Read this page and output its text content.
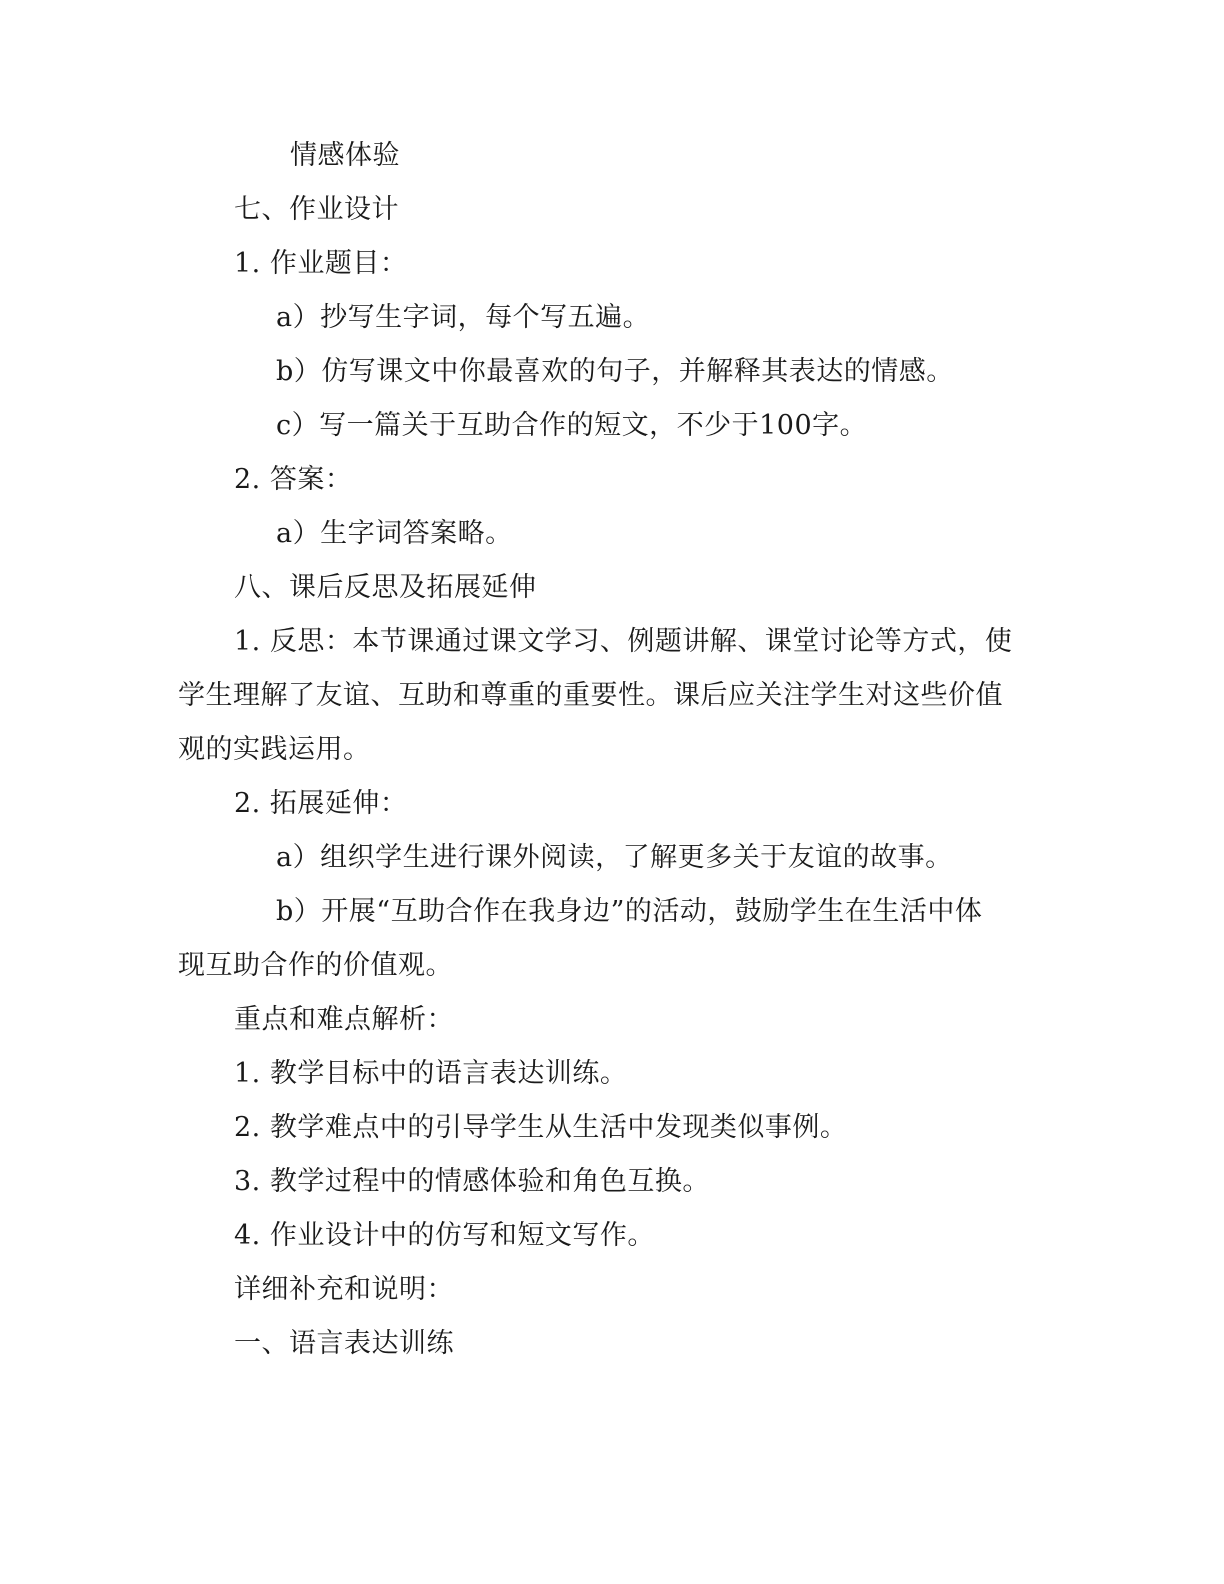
情感体验
七、作业设计
1. 作业题目：
a）抄写生字词，每个写五遍。
b）仿写课文中你最喜欢的句子，并解释其表达的情感。
c）写一篇关于互助合作的短文，不少于100字。
2. 答案：
a）生字词答案略。
八、课后反思及拓展延伸
1. 反思：本节课通过课文学习、例题讲解、课堂讨论等方式，使
学生理解了友谊、互助和尊重的重要性。课后应关注学生对这些价值
观的实践运用。
2. 拓展延伸：
a）组织学生进行课外阅读，了解更多关于友谊的故事。
b）开展“互助合作在我身边”的活动，鼓励学生在生活中体
现互助合作的价值观。
重点和难点解析：
1. 教学目标中的语言表达训练。
2. 教学难点中的引导学生从生活中发现类似事例。
3. 教学过程中的情感体验和角色互换。
4. 作业设计中的仿写和短文写作。
详细补充和说明：
一、语言表达训练
